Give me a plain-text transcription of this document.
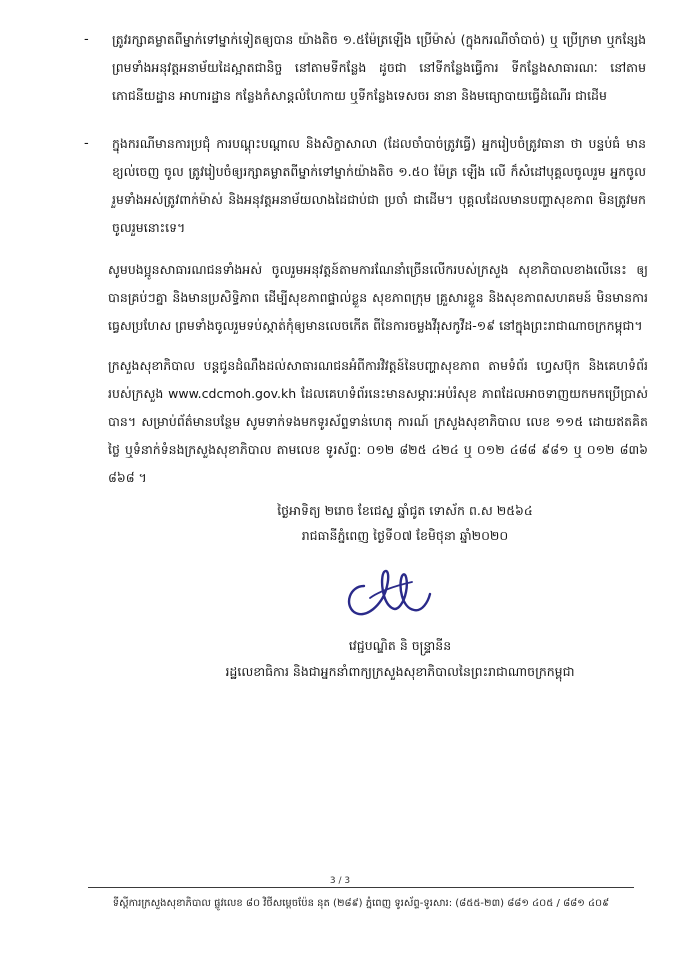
- ត្រូវរក្សាគម្លាតពីម្នាក់ទៅម្នាក់ទៀតឲ្យបាន យ៉ាងតិច ១.៥ម៉ែត្រឡើង ប្រើម៉ាស់ (ក្នុងករណីចាំបាច់) ឬ ប្រើក្រមា ឬកន្សែង ព្រមទាំងអនុវត្តអនាម័យដៃស្អាតជានិច្ច នៅតាមទីកន្លែង ដូចជា នៅទីកន្លែងធ្វើការ ទីកន្លែងសាធារណៈ នៅតាមភោជនីយដ្ឋាន អាហារដ្ឋាន កន្លែងកំសាន្តលំហែកាយ ឬទីកន្លែងទេសចរ នានា និងមធ្យោបាយធ្វើដំណើរ ជាដើម

- ក្នុងករណីមានការប្រជុំ ការបណ្តុះបណ្តាល និងសិក្ខាសាលា (ដែលចាំបាច់ត្រូវធ្វើ) អ្នករៀបចំត្រូវធានា ថា បន្ទប់ធំ មានខ្យល់ចេញ ចូល ត្រូវរៀបចំឲ្យរក្សាគម្លាតពីម្នាក់ទៅម្នាក់យ៉ាងតិច ១.៥០ ម៉ែត្រ ឡើង លើ ក៏សំដៅបុគ្គលចូលរួម អ្នកចូលរួមទាំងអស់ត្រូវពាក់ម៉ាស់ និងអនុវត្តអនាម័យលាងដៃជាប់ជា ប្រចាំ ជាដើម។ បុគ្គលដែលមានបញ្ហាសុខភាព មិនត្រូវមកចូលរួមនោះទេ។

សូមបងប្អូនសាធារណជនទាំងអស់ ចូលរួមអនុវត្តន៍តាមការណែនាំច្រើនលើករបស់ក្រសួង សុខាភិបាលខាងលើនេះ ឲ្យបានគ្រប់ៗគ្នា និងមានប្រសិទ្ធិភាព ដើម្បីសុខភាពផ្ទាល់ខ្លួន សុខភាពក្រុម គ្រួសារខ្លួន និងសុខភាពសហគមន៍ មិនមានការធ្វេសប្រហែស ព្រមទាំងចូលរួមទប់ស្កាត់កុំឲ្យមានលេចកើត ពីនៃការចម្លងវីរុសកូវីដ-១៩ នៅក្នុងព្រះរាជាណាចក្រកម្ពុជា។

ក្រសួងសុខាភិបាល បន្តជូនដំណឹងដល់សាធារណជនអំពីការវិវត្តន៍នៃបញ្ហាសុខភាព តាមទំព័រ ហ្វេសប៊ុក និងគេហទំព័ររបស់ក្រសួង www.cdcmoh.gov.kh ដែលគេហទំព័រនេះមានសម្ភារៈអប់រំសុខ ភាពដែលអាចទាញយកមកប្រើប្រាស់បាន។ សម្រាប់ព័ត៌មានបន្ថែម សូមទាក់ទងមកទូរស័ព្ទទាន់ហេតុ ការណ៍ ក្រសួងសុខាភិបាល លេខ ១១៥ ដោយឥតគិតថ្លៃ ឬទំនាក់ទំនងក្រសួងសុខាភិបាល តាមលេខ ទូរស័ព្ទ: ០១២ ៨២៥ ៤២៤ ឬ ០១២ ៤៨៨ ៩៨១ ឬ ០១២ ៨៣៦ ៨៦៨ ។

ថ្ងៃអាទិត្យ ២រោច ខែជេស្ឋ ឆ្នាំជូត ទោស័ក ព.ស ២៥៦៤

រាជធានីភ្នំពេញ ថ្ងៃទី០៧ ខែមិថុនា ឆ្នាំ២០២០

វេជ្ជបណ្ឌិត និ ចន្ទ្រានីន

រដ្ឋលេខាធិការ និងជាអ្នកនាំពាក្យក្រសួងសុខាភិបាលនៃព្រះរាជាណាចក្រកម្ពុជា

3 / 3

ទីស្តីការក្រសួងសុខាភិបាល ផ្លូវលេខ ៨០ វិថីសម្តេចប៉ែន នុត (២៨៩) ភ្នំពេញ ទូរស័ព្ទ-ទូរសារ: (៨៥៥-២៣) ៨៨១ ៤០៥ / ៨៨១ ៤០៩
